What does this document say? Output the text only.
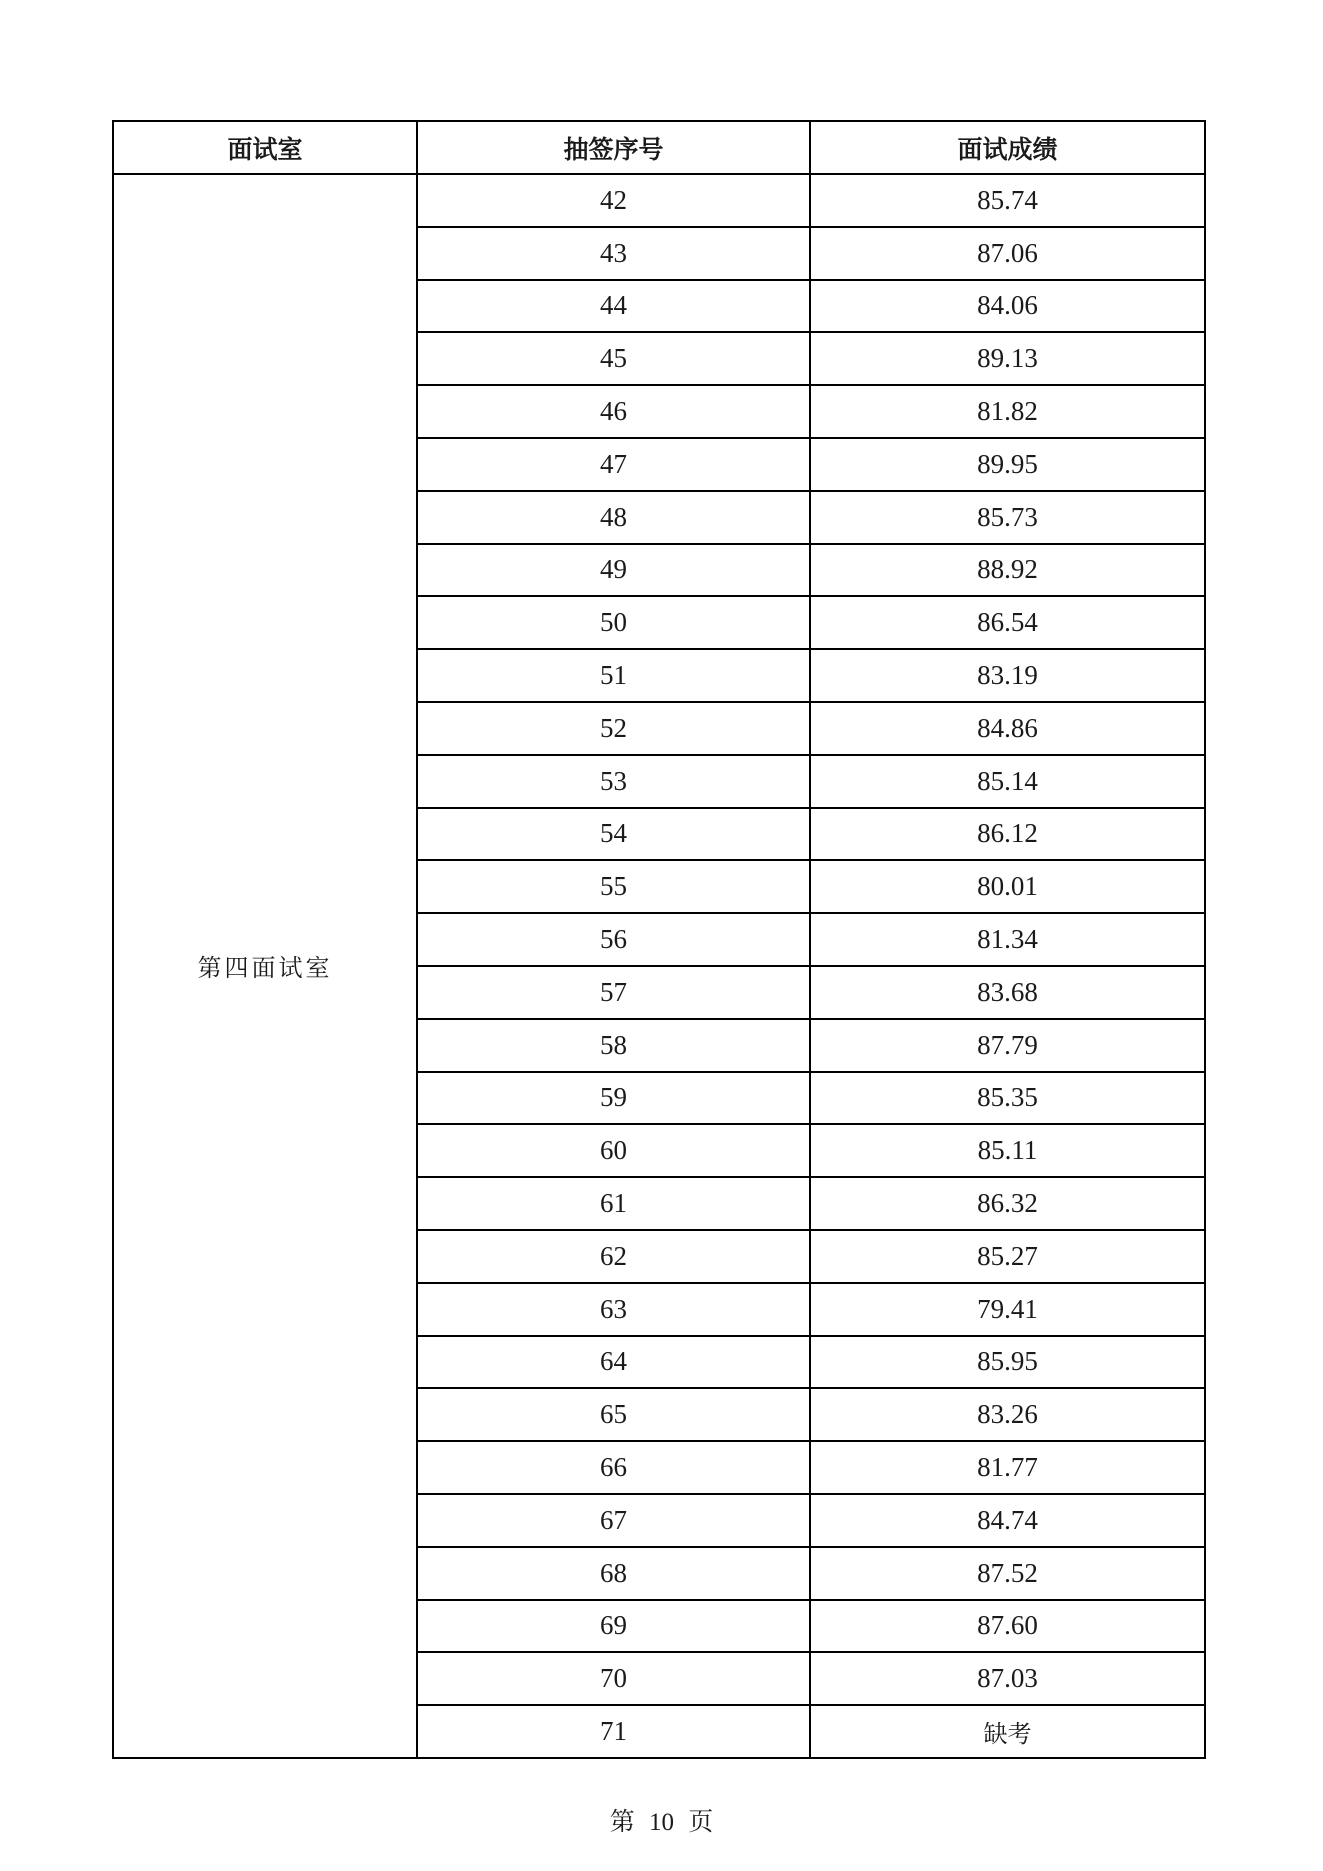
面试室	抽签序号	面试成绩
第四面试室	42	85.74
	43	87.06
	44	84.06
	45	89.13
	46	81.82
	47	89.95
	48	85.73
	49	88.92
	50	86.54
	51	83.19
	52	84.86
	53	85.14
	54	86.12
	55	80.01
	56	81.34
	57	83.68
	58	87.79
	59	85.35
	60	85.11
	61	86.32
	62	85.27
	63	79.41
	64	85.95
	65	83.26
	66	81.77
	67	84.74
	68	87.52
	69	87.60
	70	87.03
	71	缺考
第 10 页
